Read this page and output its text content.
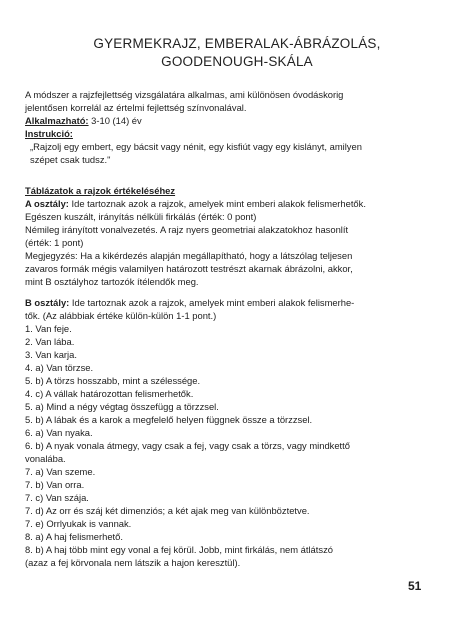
GYERMEKRAJZ, EMBERALAK-ÁBRÁZOLÁS,
GOODENOUGH-SKÁLA
A módszer a rajzfejlettség vizsgálatára alkalmas, ami különösen óvodáskorig
jelentősen korrelál az értelmi fejlettség színvonalával.
Alkalmazható: 3-10 (14) év
Instrukció:
„Rajzolj egy embert, egy bácsit vagy nénit, egy kisfiút vagy egy kislányt, amilyen
szépet csak tudsz."
Táblázatok a rajzok értékeléséhez
A osztály: Ide tartoznak azok a rajzok, amelyek mint emberi alakok felismerhetők.
Egészen kuszált, irányítás nélküli firkálás (érték: 0 pont)
Némileg irányított vonalvezetés. A rajz nyers geometriai alakzatokhoz hasonlít
(érték: 1 pont)
Megjegyzés: Ha a kikérdezés alapján megállapítható, hogy a látszólag teljesen
zavaros formák mégis valamilyen határozott testrészt akarnak ábrázolni, akkor,
mint B osztályhoz tartozók ítélendők meg.
B osztály: Ide tartoznak azok a rajzok, amelyek mint emberi alakok felismerhe-
tők. (Az alábbiak értéke külön-külön 1-1 pont.)
1. Van feje.
2. Van lába.
3. Van karja.
4. a) Van törzse.
5. b) A törzs hosszabb, mint a szélessége.
4. c) A vállak határozottan felismerhetők.
5. a) Mind a négy végtag összefügg a törzzsel.
5. b) A lábak és a karok a megfelelő helyen függnek össze a törzzsel.
6. a) Van nyaka.
6. b) A nyak vonala átmegy, vagy csak a fej, vagy csak a törzs, vagy mindkettő
vonalába.
7. a) Van szeme.
7. b) Van orra.
7. c) Van szája.
7. d) Az orr és száj két dimenziós; a két ajak meg van különböztetve.
7. e) Orrlyukak is vannak.
8. a) A haj felismerhető.
8. b) A haj több mint egy vonal a fej körül. Jobb, mint firkálás, nem átlátszó
(azaz a fej körvonala nem látszik a hajon keresztül).
51
